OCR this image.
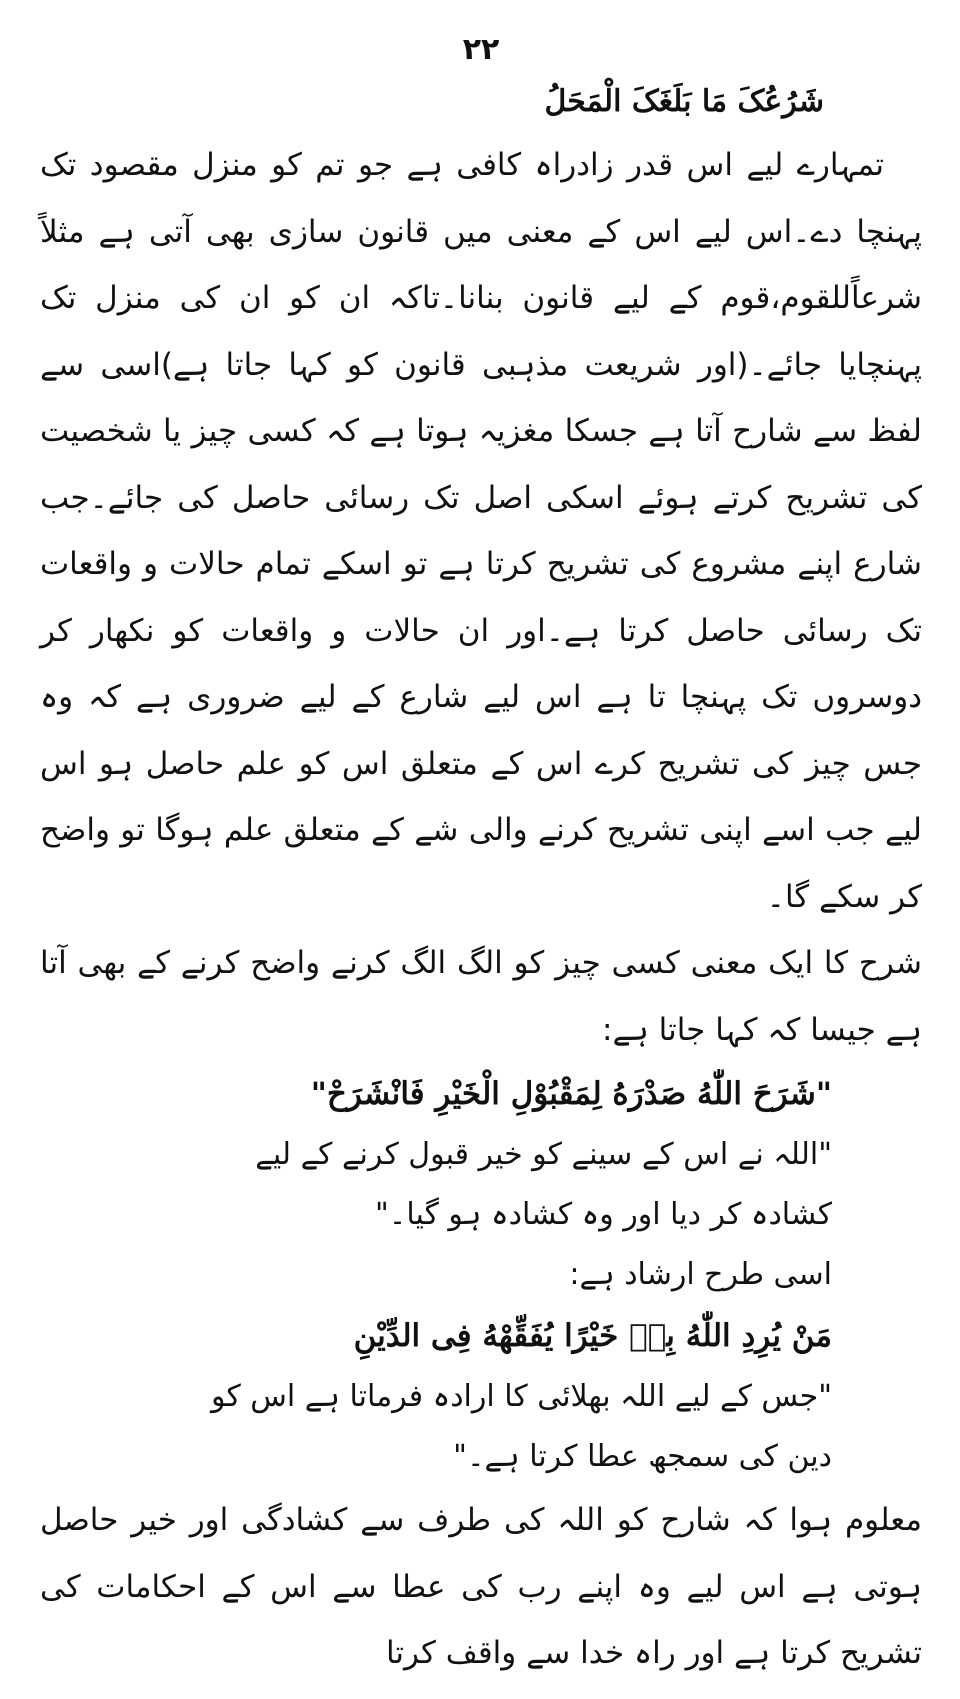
۲۲
شَرُعُکَ مَا بَلَغَکَ الْمَحَلُ

تمہارے لیے اس قدر زادراہ کافی ہے جو تم کو منزل مقصود تک پہنچا دے۔اس لیے اس کے معنی میں قانون سازی بھی آتی ہے مثلاً شرعاًللقوم،قوم کے لیے قانون بنانا۔تاکہ ان کو ان کی منزل تک پہنچایا جائے۔(اور شریعت مذہبی قانون کو کہا جاتا ہے)اسی سے لفظ سے شارح آتا ہے جسکا مغزیہ ہوتا ہے کہ کسی چیز یا شخصیت کی تشریح کرتے ہوئے اسکی اصل تک رسائی حاصل کی جائے۔جب شارع اپنے مشروع کی تشریح کرتا ہے تو اسکے تمام حالات و واقعات تک رسائی حاصل کرتا ہے۔اور ان حالات و واقعات کو نکھار کر دوسروں تک پہنچا تا ہے اس لیے شارع کے لیے ضروری ہے کہ وہ جس چیز کی تشریح کرے اس کے متعلق اس کو علم حاصل ہو اس لیے جب اسے اپنی تشریح کرنے والی شے کے متعلق علم ہوگا تو واضح کر سکے گا۔

شرح کا ایک معنی کسی چیز کو الگ الگ کرنے واضح کرنے کے بھی آتا ہے جیسا کہ کہا جاتا ہے:

"شَرَحَ اللّٰهُ صَدْرَهُ لِمَقْبُوْلِ الْخَيْرِ فَانْشَرَحْ"
"اللہ نے اس کے سینے کو خیر قبول کرنے کے لیے کشادہ کر دیا اور وہ کشادہ ہو گیا۔"
اسی طرح ارشاد ہے:
مَنْ يُرِدِ اللّٰهُ بِهٖ خَيْرًا يُفَقِّهْهُ فِى الدِّيْنِ
"جس کے لیے اللہ بھلائی کا ارادہ فرماتا ہے اس کو دین کی سمجھ عطا کرتا ہے۔"

معلوم ہوا کہ شارح کو اللہ کی طرف سے کشادگی اور خیر حاصل ہوتی ہے اس لیے وہ اپنے رب کی عطا سے اس کے احکامات کی تشریح کرتا ہے اور راہ خدا سے واقف کرتا
